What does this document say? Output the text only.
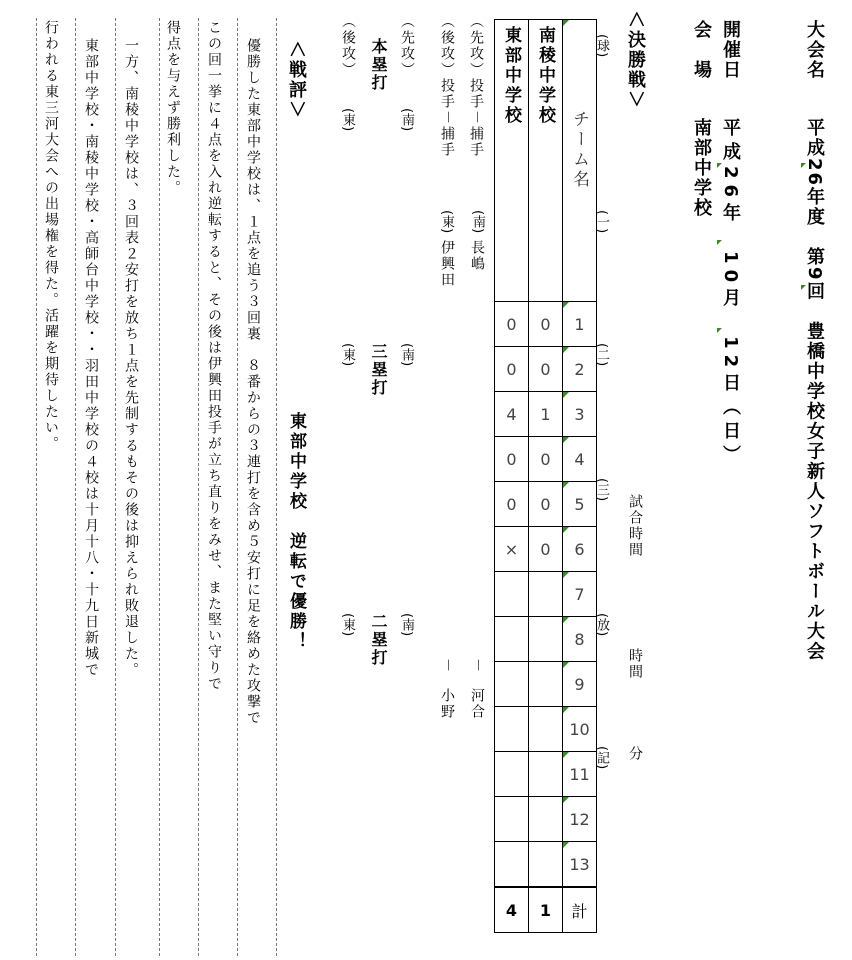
大会名
平成26年度　第9回　豊橋中学校女子新人ソフトボール大会
開催日
平成26年　10月　12日（日）
会　場
南部中学校
＜決勝戦＞
(球)
(一)
(二)
(三)
(放)
(記)
試合時間
時間
分
東部中学校	南稜中学校	チーム名
0	0	1
0	0	2
4	1	3
0	0	4
0	0	5
×	0	6
		7
		8
		9
		10
		11
		12
		13
4	1	計
（先攻）投手－捕手
(南)
長嶋
－
河合
（後攻）投手－捕手
(東)
伊興田
－
小野
（先攻）
(南)
本塁打
（後攻）
(東)
(南)
三塁打
(東)
(南)
二塁打
(東)
＜戦評＞
東部中学校　逆転で優勝！
優勝した東部中学校は、１点を追う３回裏　８番からの３連打を含め５安打に足を絡めた攻撃で
この回一挙に４点を入れ逆転すると、その後は伊興田投手が立ち直りをみせ、また堅い守りで
得点を与えず勝利した。
一方、南稜中学校は、３回表２安打を放ち１点を先制するもその後は抑えられ敗退した。
東部中学校・南稜中学校・高師台中学校・・羽田中学校の４校は十月十八・十九日新城で
行われる東三河大会への出場権を得た。活躍を期待したい。
